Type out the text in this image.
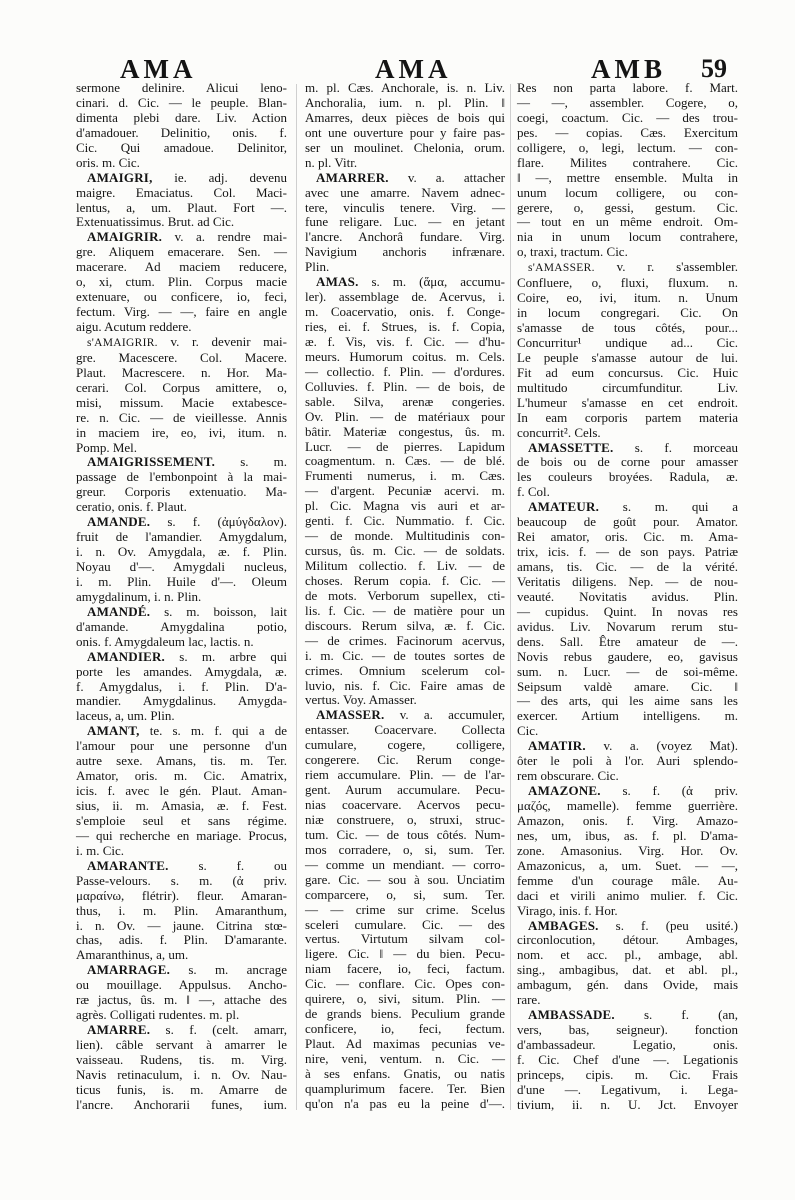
AMA	AMA	AMB 59
sermone delinire. Alicui leno-
cinari. d. Cic. — le peuple. Blan-
dimenta plebi dare. Liv. Action
d'amadouer. Delinitio, onis. f.
Cic. Qui amadoue. Delinitor,
oris. m. Cic.
AMAIGRI, ie. adj. devenu
maigre. Emaciatus. Col. Maci-
lentus, a, um. Plaut. Fort —.
Extenuatissimus. Brut. ad Cic.
AMAIGRIR. v. a. rendre mai-
gre. Aliquem emacerare. Sen. —
macerare. Ad maciem reducere,
o, xi, ctum. Plin. Corpus macie
extenuare, ou conficere, io, feci,
fectum. Virg. — —, faire en angle
aigu. Acutum reddere.
s'AMAIGRIR. v. r. devenir mai-
gre. Macescere. Col. Macere.
Plaut. Macrescere. n. Hor. Ma-
cerari. Col. Corpus amittere, o,
misi, missum. Macie extabesce-
re. n. Cic. — de vieillesse. Annis
in maciem ire, eo, ivi, itum. n.
Pomp. Mel.
AMAIGRISSEMENT. s. m.
passage de l'embonpoint à la mai-
greur. Corporis extenuatio. Ma-
ceratio, onis. f. Plaut.
AMANDE. s. f. (ἀμύγδαλον).
fruit de l'amandier. Amygdalum,
i. n. Ov. Amygdala, æ. f. Plin.
Noyau d'—. Amygdali nucleus,
i. m. Plin. Huile d'—. Oleum
amygdalinum, i. n. Plin.
AMANDÉ. s. m. boisson, lait
d'amande. Amygdalina potio,
onis. f. Amygdaleum lac, lactis. n.
AMANDIER. s. m. arbre qui
porte les amandes. Amygdala, æ.
f. Amygdalus, i. f. Plin. D'a-
mandier. Amygdalinus. Amygda-
laceus, a, um. Plin.
AMANT, te. s. m. f. qui a de
l'amour pour une personne d'un
autre sexe. Amans, tis. m. Ter.
Amator, oris. m. Cic. Amatrix,
icis. f. avec le gén. Plaut. Aman-
sius, ii. m. Amasia, æ. f. Fest.
s'emploie seul et sans régime.
— qui recherche en mariage. Procus,
i. m. Cic.
AMARANTE. s. f. ou
Passe-velours. s. m. (ἀ priv.
μαραίνω, flétrir). fleur. Amaran-
thus, i. m. Plin. Amaranthum,
i. n. Ov. — jaune. Citrina stœ-
chas, adis. f. Plin. D'amarante.
Amaranthinus, a, um.
AMARRAGE. s. m. ancrage
ou mouillage. Appulsus. Ancho-
ræ jactus, ûs. m. ‖ —, attache des
agrès. Colligati rudentes. m. pl.
AMARRE. s. f. (celt. amarr,
lien). câble servant à amarrer le
vaisseau. Rudens, tis. m. Virg.
Navis retinaculum, i. n. Ov. Nau-
ticus funis, is. m. Amarre de
l'ancre. Anchorarii funes, ium.
m. pl. Cæs. Anchorale, is. n. Liv.
Anchoralia, ium. n. pl. Plin. ‖
Amarres, deux pièces de bois qui
ont une ouverture pour y faire pas-
ser un moulinet. Chelonia, orum.
n. pl. Vitr.
AMARRER. v. a. attacher
avec une amarre. Navem adnec-
tere, vinculis tenere. Virg. —
fune religare. Luc. — en jetant
l'ancre. Anchorâ fundare. Virg.
Navigium anchoris infrænare.
Plin.
AMAS. s. m. (ἅμα, accumu-
ler). assemblage de. Acervus, i.
m. Coacervatio, onis. f. Conge-
ries, ei. f. Strues, is. f. Copia,
æ. f. Vis, vis. f. Cic. — d'hu-
meurs. Humorum coitus. m. Cels.
— collectio. f. Plin. — d'ordures.
Colluvies. f. Plin. — de bois, de
sable. Silva, arenæ congeries.
Ov. Plin. — de matériaux pour
bâtir. Materiæ congestus, ûs. m.
Lucr. — de pierres. Lapidum
coagmentum. n. Cæs. — de blé.
Frumenti numerus, i. m. Cæs.
— d'argent. Pecuniæ acervi. m.
pl. Cic. Magna vis auri et ar-
genti. f. Cic. Nummatio. f. Cic.
— de monde. Multitudinis con-
cursus, ûs. m. Cic. — de soldats.
Militum collectio. f. Liv. — de
choses. Rerum copia. f. Cic. —
de mots. Verborum supellex, cti-
lis. f. Cic. — de matière pour un
discours. Rerum silva, æ. f. Cic.
— de crimes. Facinorum acervus,
i. m. Cic. — de toutes sortes de
crimes. Omnium scelerum col-
luvio, nis. f. Cic. Faire amas de
vertus. Voy. Amasser.
AMASSER. v. a. accumuler,
entasser. Coacervare. Collecta
cumulare, cogere, colligere,
congerere. Cic. Rerum conge-
riem accumulare. Plin. — de l'ar-
gent. Aurum accumulare. Pecu-
nias coacervare. Acervos pecu-
niæ construere, o, struxi, struc-
tum. Cic. — de tous côtés. Num-
mos corradere, o, si, sum. Ter.
— comme un mendiant. — corro-
gare. Cic. — sou à sou. Unciatim
comparcere, o, si, sum. Ter.
— — crime sur crime. Scelus
sceleri cumulare. Cic. — des
vertus. Virtutum silvam col-
ligere. Cic. ‖ — du bien. Pecu-
niam facere, io, feci, factum.
Cic. — conflare. Cic. Opes con-
quirere, o, sivi, situm. Plin. —
de grands biens. Peculium grande
conficere, io, feci, fectum.
Plaut. Ad maximas pecunias ve-
nire, veni, ventum. n. Cic. —
à ses enfans. Gnatis, ou natis
quamplurimum facere. Ter. Bien
qu'on n'a pas eu la peine d'—.
Res non parta labore. f. Mart.
— —, assembler. Cogere, o,
coegi, coactum. Cic. — des trou-
pes. — copias. Cæs. Exercitum
colligere, o, legi, lectum. — con-
flare. Milites contrahere. Cic.
‖ —, mettre ensemble. Multa in
unum locum colligere, ou con-
gerere, o, gessi, gestum. Cic.
— tout en un même endroit. Om-
nia in unum locum contrahere,
o, traxi, tractum. Cic.
s'AMASSER. v. r. s'assembler.
Confluere, o, fluxi, fluxum. n.
Coire, eo, ivi, itum. n. Unum
in locum congregari. Cic. On
s'amasse de tous côtés, pour...
Concurritur¹ undique ad... Cic.
Le peuple s'amasse autour de lui.
Fit ad eum concursus. Cic. Huic
multitudo circumfunditur. Liv.
L'humeur s'amasse en cet endroit.
In eam corporis partem materia
concurrit². Cels.
AMASSETTE. s. f. morceau
de bois ou de corne pour amasser
les couleurs broyées. Radula, æ.
f. Col.
AMATEUR. s. m. qui a
beaucoup de goût pour. Amator.
Rei amator, oris. Cic. m. Ama-
trix, icis. f. — de son pays. Patriæ
amans, tis. Cic. — de la vérité.
Veritatis diligens. Nep. — de nou-
veauté. Novitatis avidus. Plin.
— cupidus. Quint. In novas res
avidus. Liv. Novarum rerum stu-
dens. Sall. Être amateur de —.
Novis rebus gaudere, eo, gavisus
sum. n. Lucr. — de soi-même.
Seipsum valdè amare. Cic. ‖
— des arts, qui les aime sans les
exercer. Artium intelligens. m.
Cic.
AMATIR. v. a. (voyez Mat).
ôter le poli à l'or. Auri splendo-
rem obscurare. Cic.
AMAZONE. s. f. (ἀ priv.
μαζός, mamelle). femme guerrière.
Amazon, onis. f. Virg. Amazo-
nes, um, ibus, as. f. pl. D'ama-
zone. Amasonius. Virg. Hor. Ov.
Amazonicus, a, um. Suet. — —,
femme d'un courage mâle. Au-
daci et virili animo mulier. f. Cic.
Virago, inis. f. Hor.
AMBAGES. s. f. (peu usité.)
circonlocution, détour. Ambages,
nom. et acc. pl., ambage, abl.
sing., ambagibus, dat. et abl. pl.,
ambagum, gén. dans Ovide, mais
rare.
AMBASSADE. s. f. (an,
vers, bas, seigneur). fonction
d'ambassadeur. Legatio, onis.
f. Cic. Chef d'une —. Legationis
princeps, cipis. m. Cic. Frais
d'une —. Legativum, i. Lega-
tivium, ii. n. U. Jct. Envoyer
